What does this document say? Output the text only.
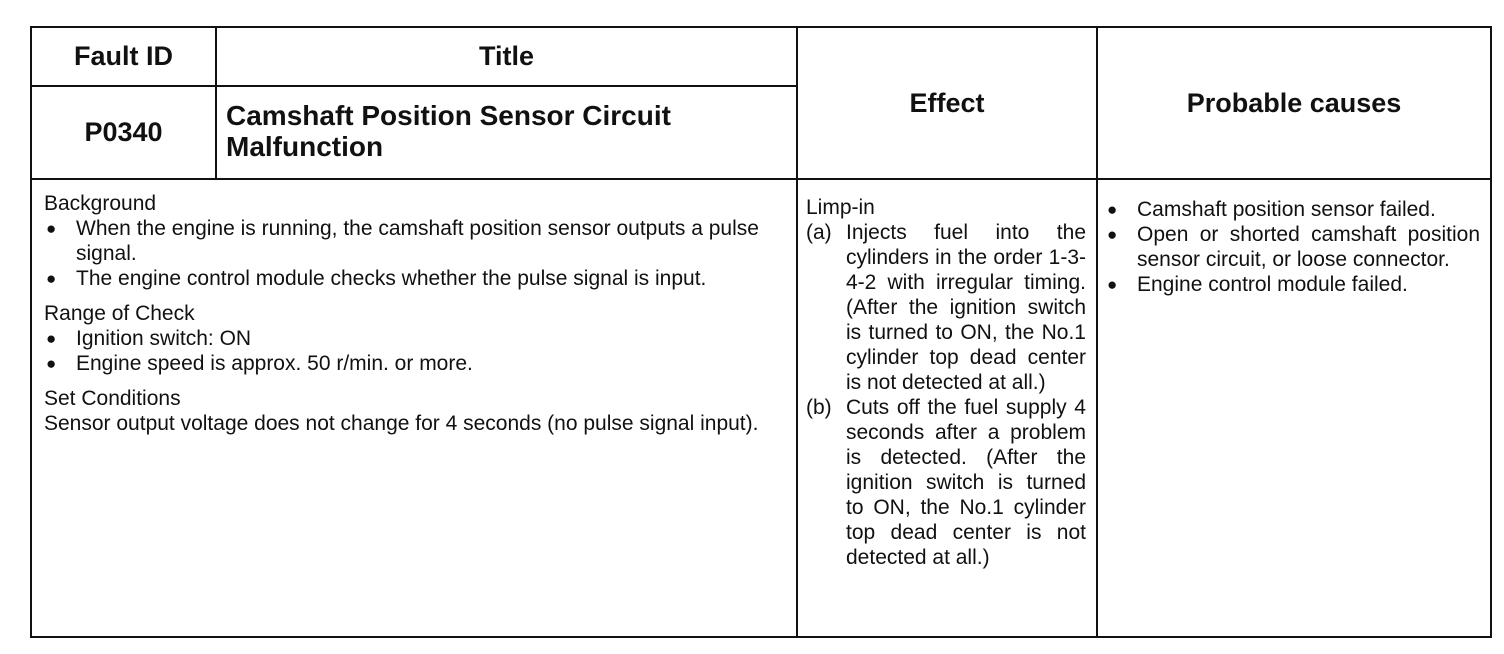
Fault ID	Title
Effect	Probable causes
P0340
Camshaft Position Sensor Circuit Malfunction
Background
● When the engine is running, the camshaft position sensor outputs a pulse signal.
● The engine control module checks whether the pulse signal is input.
Range of Check
● Ignition switch: ON
● Engine speed is approx. 50 r/min. or more.
Set Conditions
Sensor output voltage does not change for 4 seconds (no pulse signal input).
Limp-in
(a) Injects fuel into the cylinders in the order 1-3-4-2 with irregular timing. (After the ignition switch is turned to ON, the No.1 cylinder top dead center is not detected at all.)
(b) Cuts off the fuel supply 4 seconds after a problem is detected. (After the ignition switch is turned to ON, the No.1 cylinder top dead center is not detected at all.)
● Camshaft position sensor failed.
● Open or shorted camshaft position sensor circuit, or loose connector.
● Engine control module failed.
